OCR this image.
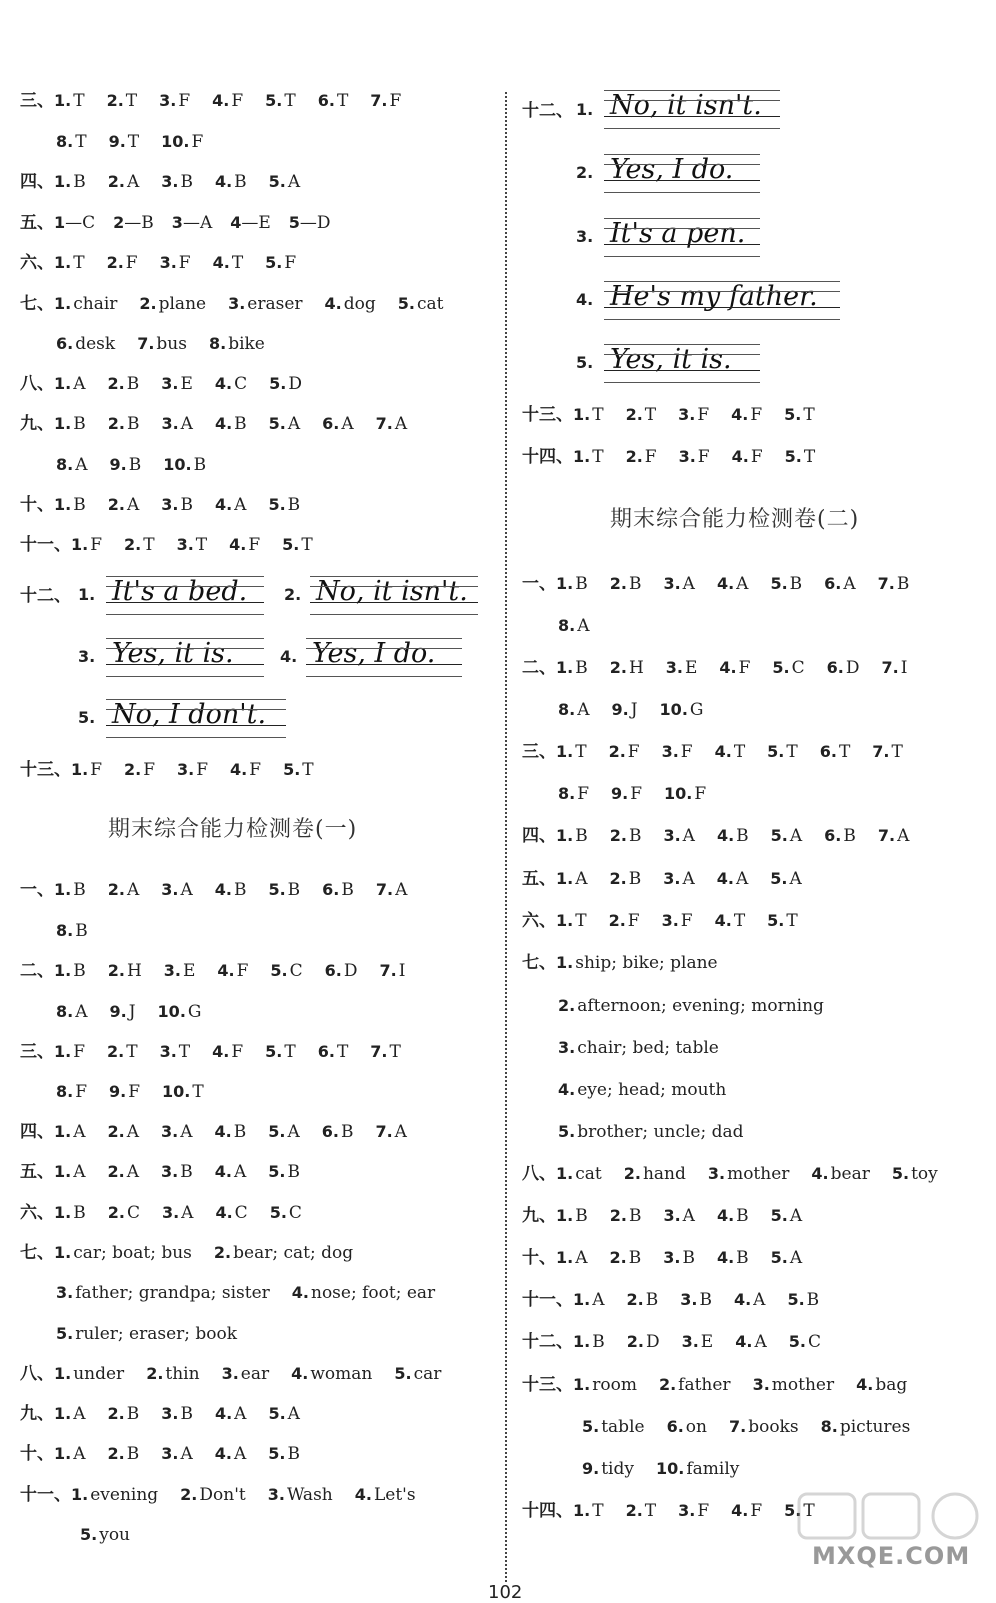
三、1. T 2. T 3. F 4. F 5. T 6. T 7. F
8. T 9. T 10. F
四、1. B 2. A 3. B 4. B 5. A
五、1—C 2—B 3—A 4—E 5—D
六、1. T 2. F 3. F 4. T 5. F
七、1. chair 2. plane 3. eraser 4. dog 5. cat
6. desk 7. bus 8. bike
八、1. A 2. B 3. E 4. C 5. D
九、1. B 2. B 3. A 4. B 5. A 6. A 7. A
8. A 9. B 10. B
十、1. B 2. A 3. B 4. A 5. B
十一、1. F 2. T 3. T 4. F 5. T
十二、 1. It's a bed.	2. No, it isn't.
3. Yes, it is.	4. Yes, I do.
5. No, I don't.
十三、1. F 2. F 3. F 4. F 5. T
期末综合能力检测卷(一)
一、1. B 2. A 3. A 4. B 5. B 6. B 7. A
8. B
二、1. B 2. H 3. E 4. F 5. C 6. D 7. I
8. A 9. J 10. G
三、1. F 2. T 3. T 4. F 5. T 6. T 7. T
8. F 9. F 10. T
四、1. A 2. A 3. A 4. B 5. A 6. B 7. A
五、1. A 2. A 3. B 4. A 5. B
六、1. B 2. C 3. A 4. C 5. C
七、1. car; boat; bus 2. bear; cat; dog
3. father; grandpa; sister 4. nose; foot; ear
5. ruler; eraser; book
八、1. under 2. thin 3. ear 4. woman 5. car
九、1. A 2. B 3. B 4. A 5. A
十、1. A 2. B 3. A 4. A 5. B
十一、1. evening 2. Don't 3. Wash 4. Let's
5. you
十二、 1. No, it isn't.
2. Yes, I do.
3. It's a pen.
4. He's my father.
5. Yes, it is.
十三、1. T 2. T 3. F 4. F 5. T
十四、1. T 2. F 3. F 4. F 5. T
期末综合能力检测卷(二)
一、1. B 2. B 3. A 4. A 5. B 6. A 7. B
8. A
二、1. B 2. H 3. E 4. F 5. C 6. D 7. I
8. A 9. J 10. G
三、1. T 2. F 3. F 4. T 5. T 6. T 7. T
8. F 9. F 10. F
四、1. B 2. B 3. A 4. B 5. A 6. B 7. A
五、1. A 2. B 3. A 4. A 5. A
六、1. T 2. F 3. F 4. T 5. T
七、1. ship; bike; plane
2. afternoon; evening; morning
3. chair; bed; table
4. eye; head; mouth
5. brother; uncle; dad
八、1. cat 2. hand 3. mother 4. bear 5. toy
九、1. B 2. B 3. A 4. B 5. A
十、1. A 2. B 3. B 4. B 5. A
十一、1. A 2. B 3. B 4. A 5. B
十二、1. B 2. D 3. E 4. A 5. C
十三、1. room 2. father 3. mother 4. bag
5. table 6. on 7. books 8. pictures
9. tidy 10. family
十四、1. T 2. T 3. F 4. F 5. T
MXQE.COM
102
